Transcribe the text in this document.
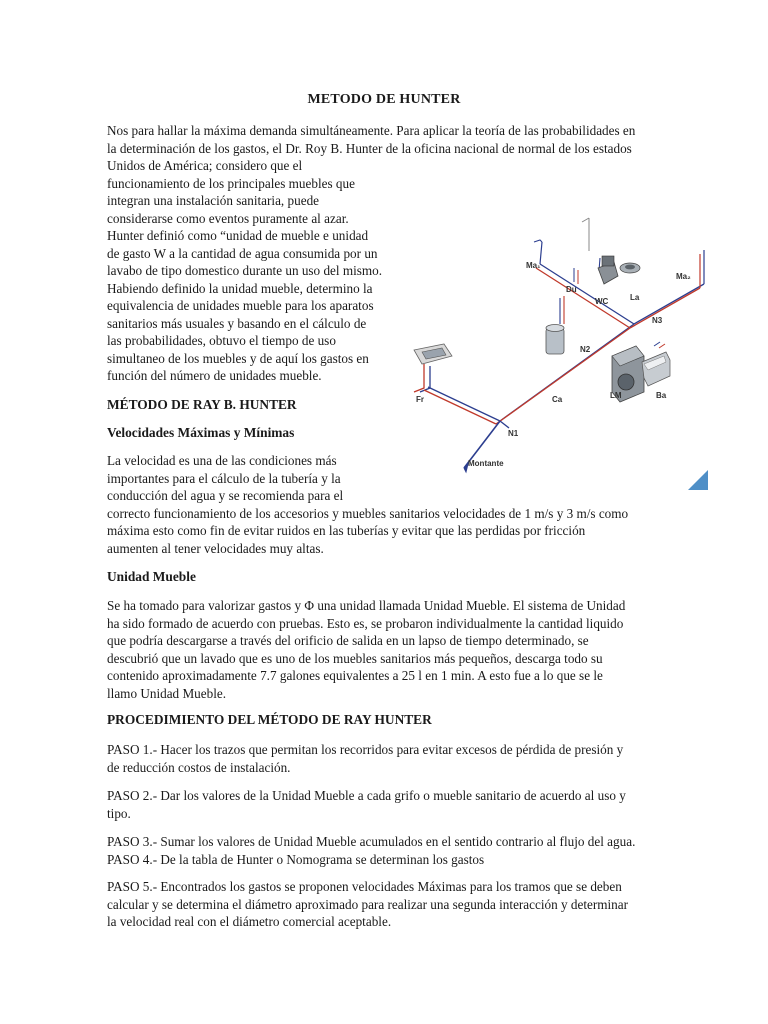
METODO DE HUNTER
Nos para hallar la máxima demanda simultáneamente. Para aplicar la teoría de las probabilidades en
la determinación de los gastos, el Dr. Roy B. Hunter de la oficina nacional de normal de los estados
Unidos de América; considero que el
funcionamiento de los principales muebles que
integran una instalación sanitaria, puede
considerarse como eventos puramente al azar.
Hunter definió como “unidad de mueble e unidad
de gasto W a la cantidad de agua consumida por un
lavabo de tipo domestico durante un uso del mismo.
Habiendo definido la unidad mueble, determino la
equivalencia de unidades mueble para los aparatos
sanitarios más usuales y basando en el cálculo de
las probabilidades, obtuvo el tiempo de uso
simultaneo de los muebles y de aquí los gastos en
función del número de unidades mueble.
MÉTODO DE RAY B. HUNTER
Velocidades Máximas y Mínimas
La velocidad es una de las condiciones más
importantes para el cálculo de la tubería y la
conducción del agua y se recomienda para el
correcto funcionamiento de los accesorios y muebles sanitarios velocidades de 1 m/s y 3 m/s como
máxima esto como fin de evitar ruidos en las tuberías y evitar que las perdidas por fricción
aumenten al tener velocidades muy altas.
Unidad Mueble
Se ha tomado para valorizar gastos y Φ una unidad llamada Unidad Mueble. El sistema de Unidad
ha sido formado de acuerdo con pruebas. Esto es, se probaron individualmente la cantidad liquido
que podría descargarse a través del orificio de salida en un lapso de tiempo determinado, se
descubrió que un lavado que es uno de los muebles sanitarios más pequeños, descarga todo su
contenido aproximadamente 7.7 galones equivalentes a 25 l en 1 min. A esto fue a lo que se le
llamo Unidad Mueble.
PROCEDIMIENTO DEL MÉTODO DE RAY HUNTER
PASO 1.- Hacer los trazos que permitan los recorridos para evitar excesos de pérdida de presión y
de reducción costos de instalación.
PASO 2.- Dar los valores de la Unidad Mueble a cada grifo o mueble sanitario de acuerdo al uso y
tipo.
PASO 3.- Sumar los valores de Unidad Mueble acumulados en el sentido contrario al flujo del agua.
PASO 4.- De la tabla de Hunter o Nomograma se determinan los gastos
PASO 5.- Encontrados los gastos se proponen velocidades Máximas para los tramos que se deben
calcular y se determina el diámetro aproximado para realizar una segunda interacción y determinar
la velocidad real con el diámetro comercial aceptable.
Ma₁
Ma₂
Du
WC	La
N3
N2
LM	Ba
Ca
Fr
N1
Montante
